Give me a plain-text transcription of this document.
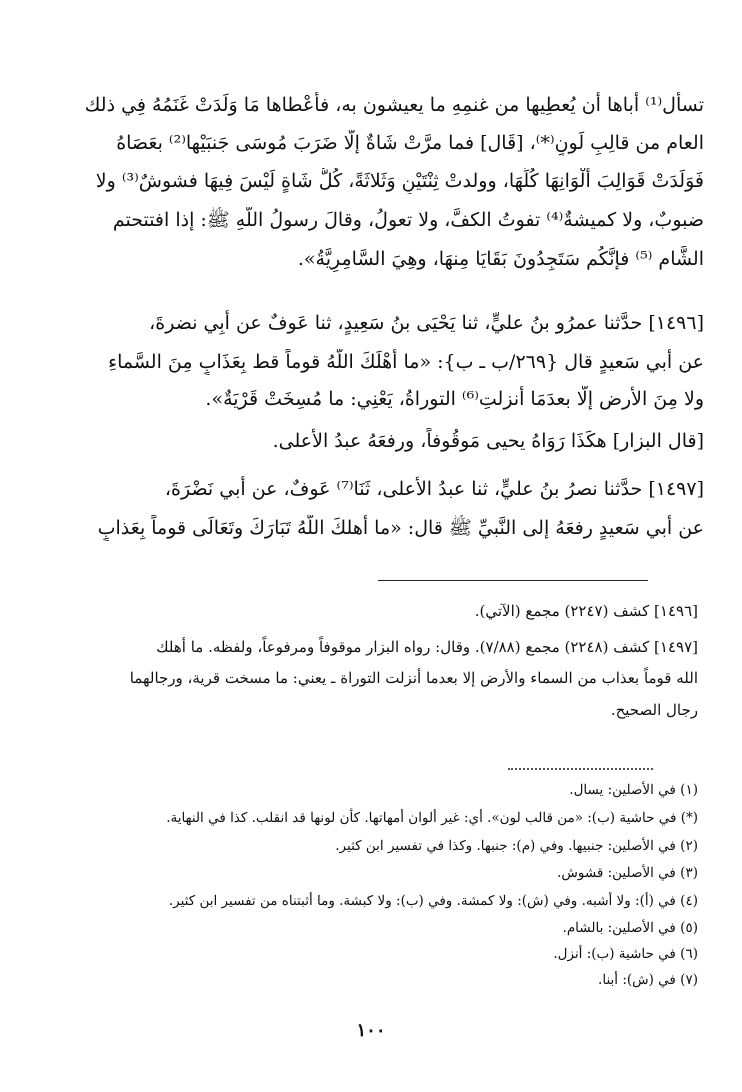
تسأل⁽¹⁾ أباها أن يُعطِيها من غنمِهِ ما يعيشون به، فأعْطاها مَا وَلَدَتْ غَنَمُهُ فِي ذلك
العام من قالِبِ لَونٍ⁽*⁾، [قَال] فما مرَّتْ شَاةٌ إلَّا ضَرَبَ مُوسَى جَنبَيْها⁽²⁾ بعَصَاهُ
فَوَلَدَتْ قَوَالِبَ أَلْوَانِهَا كُلِّهَا، وولدتْ ثِنْتَيْنِ وَثَلاثَةً، كُلُّ شَاةٍ لَيْسَ فِيهَا فشوشٌ⁽³⁾ ولا
ضبوبٌ، ولا كميشةٌ⁽⁴⁾ تفوتُ الكفَّ، ولا تعولُ، وقالَ رسولُ اللَّهِ ﷺ: إذا افتتحتم
الشَّام ⁽⁵⁾ فإنَّكُم سَتَجِدُونَ بَقَايَا مِنهَا، وهِيَ السَّامِرِيَّةُ».
[١٤٩٦] حدَّثنا عمرُو بنُ عليٍّ، ثنا يَحْيَى بنُ سَعِيدٍ، ثنا عَوفٌ عن أبِي نضرةَ،
عن أبي سَعيدٍ قال {٢٦٩/ب ـ ب}: «ما أَهْلَكَ اللَّهُ قوماً قط بِعَذَابٍ مِنَ السَّماءِ
ولا مِنَ الأرضِ إلَّا بعدَمَا أُنزلتِ⁽⁶⁾ التوراةُ، يَعْنِي: ما مُسِخَتْ قَرْيَةٌ».
[قال البزار] هكَذَا رَوَاهُ يحيى مَوقُوفاً، ورفعَهُ عبدُ الأعلى.
[١٤٩٧] حدَّثنا نصرُ بنُ عليٍّ، ثنا عبدُ الأعلى، ثَنَا⁽⁷⁾ عَوفٌ، عن أبي نَضْرَةَ،
عن أبي سَعيدٍ رفعَهُ إلى النَّبيِّ ﷺ قال: «ما أهلكَ اللَّهُ تَبَارَكَ وتَعَالَى قوماً بِعَذابٍ
[١٤٩٦] كشف (٢٢٤٧) مجمع (الآتي).
[١٤٩٧] كشف (٢٢٤٨) مجمع (٧/٨٨). وقال: رواه البزار موقوفاً ومرفوعاً، ولفظه. ما أهلك
الله قوماً بعذاب من السماء والأرض إلا بعدما أنزلت التوراة ـ يعني: ما مسخت قرية، ورجالهما
رجال الصحيح.
(١) في الأصلين: يسال.
(*) في حاشية (ب): «من قالب لون». أي: غير ألوان أمهاتها. كأن لونها قد انقلب. كذا في النهاية.
(٢) في الأصلين: جنبيها. وفي (م): جنبها. وكذا في تفسير ابن كثير.
(٣) في الأصلين: قشوش.
(٤) في (أ): ولا أشبه. وفي (ش): ولا كمشة. وفي (ب): ولا كبشة. وما أثبتناه من تفسير ابن كثير.
(٥) في الأصلين: بالشام.
(٦) في حاشية (ب): أنزل.
(٧) في (ش): أبنا.
١٠٠
